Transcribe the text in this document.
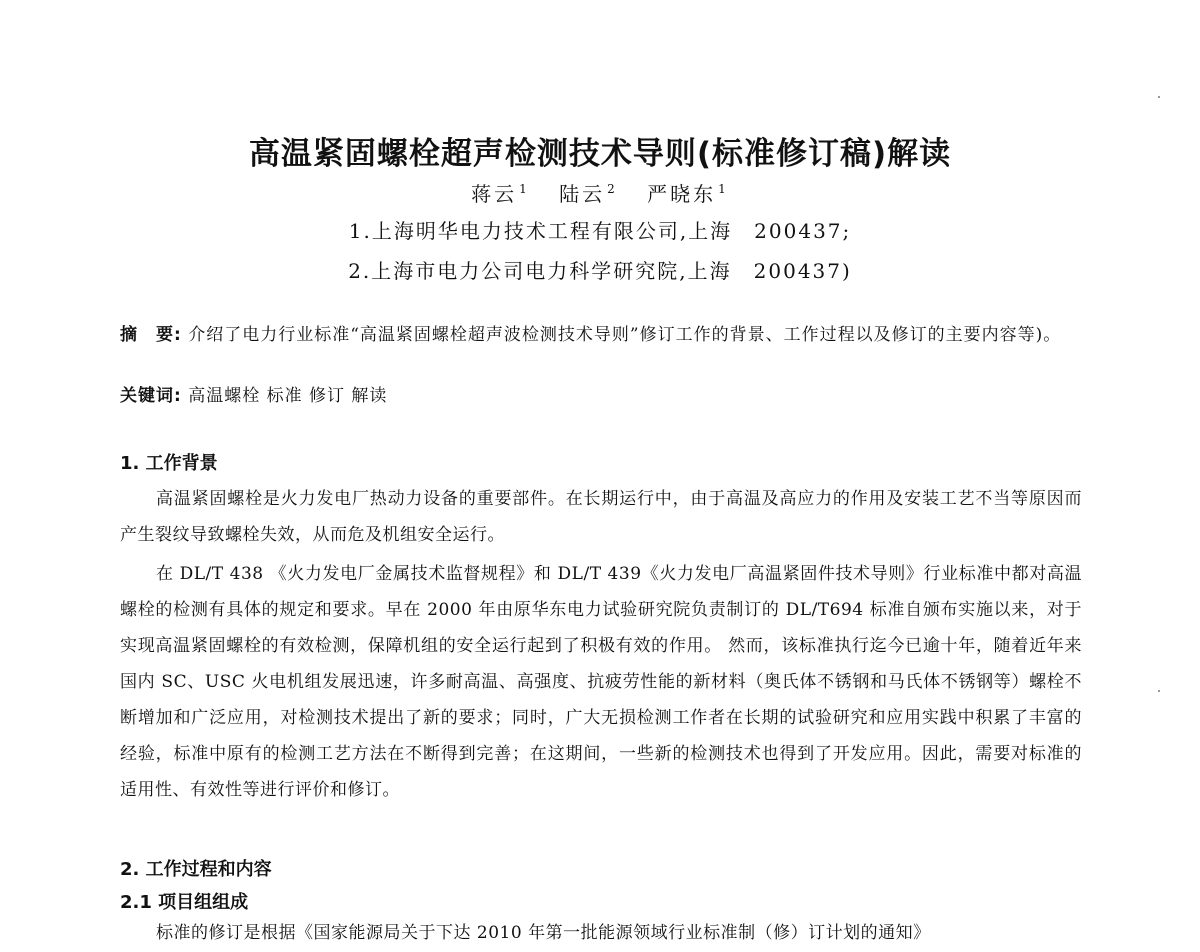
高温紧固螺栓超声检测技术导则(标准修订稿)解读
蒋云 $^1$ 陆云 $^2$ 严晓东 $^1$
1.上海明华电力技术工程有限公司,上海　200437;
2.上海市电力公司电力科学研究院,上海　200437)
摘　要: 介绍了电力行业标准“高温紧固螺栓超声波检测技术导则”修订工作的背景、工作过程以及修订的主要内容等)。
关键词: 高温螺栓 标准 修订 解读
1. 工作背景
高温紧固螺栓是火力发电厂热动力设备的重要部件。在长期运行中，由于高温及高应力的作用及安装工艺不当等原因而产生裂纹导致螺栓失效，从而危及机组安全运行。
在 DL/T 438 《火力发电厂金属技术监督规程》和 DL/T 439《火力发电厂高温紧固件技术导则》行业标准中都对高温螺栓的检测有具体的规定和要求。早在 2000 年由原华东电力试验研究院负责制订的 DL/T694 标准自颁布实施以来，对于实现高温紧固螺栓的有效检测，保障机组的安全运行起到了积极有效的作用。 然而，该标准执行迄今已逾十年，随着近年来国内 SC、USC 火电机组发展迅速，许多耐高温、高强度、抗疲劳性能的新材料（奥氏体不锈钢和马氏体不锈钢等）螺栓不断增加和广泛应用，对检测技术提出了新的要求；同时，广大无损检测工作者在长期的试验研究和应用实践中积累了丰富的经验，标准中原有的检测工艺方法在不断得到完善；在这期间，一些新的检测技术也得到了开发应用。因此，需要对标准的适用性、有效性等进行评价和修订。
2. 工作过程和内容
2.1 项目组组成
标准的修订是根据《国家能源局关于下达 2010 年第一批能源领域行业标准制（修）订计划的通知》
